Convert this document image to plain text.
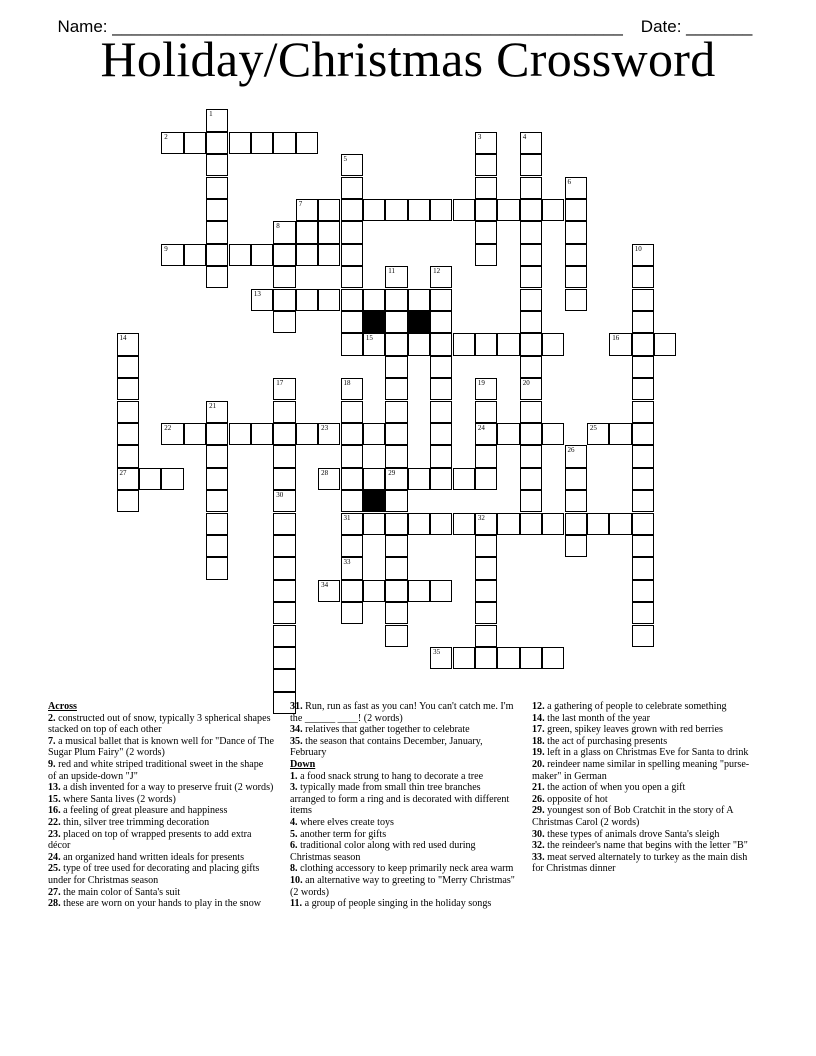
Name: ______________________________________________________ Date: _______

Holiday/Christmas Crossword
1
2	3	4
5
6
7
8
9	10
11	12
13
14	15	16
17	18	19	20
21
22	23	24	25
26
27	28	29
30
31	32
33
34
35
Across
2. constructed out of snow, typically 3 spherical shapes stacked on top of each other
7. a musical ballet that is known well for "Dance of The Sugar Plum Fairy" (2 words)
9. red and white striped traditional sweet in the shape of an upside-down "J"
13. a dish invented for a way to preserve fruit (2 words)
15. where Santa lives (2 words)
16. a feeling of great pleasure and happiness
22. thin, silver tree trimming decoration
23. placed on top of wrapped presents to add extra décor
24. an organized hand written ideals for presents
25. type of tree used for decorating and placing gifts under for Christmas season
27. the main color of Santa's suit
28. these are worn on your hands to play in the snow
31. Run, run as fast as you can! You can't catch me. I'm the ______ ____! (2 words)
34. relatives that gather together to celebrate
35. the season that contains December, January, February
Down
1. a food snack strung to hang to decorate a tree
3. typically made from small thin tree branches arranged to form a ring and is decorated with different items
4. where elves create toys
5. another term for gifts
6. traditional color along with red used during Christmas season
8. clothing accessory to keep primarily neck area warm
10. an alternative way to greeting to "Merry Christmas" (2 words)
11. a group of people singing in the holiday songs
12. a gathering of people to celebrate something
14. the last month of the year
17. green, spikey leaves grown with red berries
18. the act of purchasing presents
19. left in a glass on Christmas Eve for Santa to drink
20. reindeer name similar in spelling meaning "purse-maker" in German
21. the action of when you open a gift
26. opposite of hot
29. youngest son of Bob Cratchit in the story of A Christmas Carol (2 words)
30. these types of animals drove Santa's sleigh
32. the reindeer's name that begins with the letter "B"
33. meat served alternately to turkey as the main dish for Christmas dinner
